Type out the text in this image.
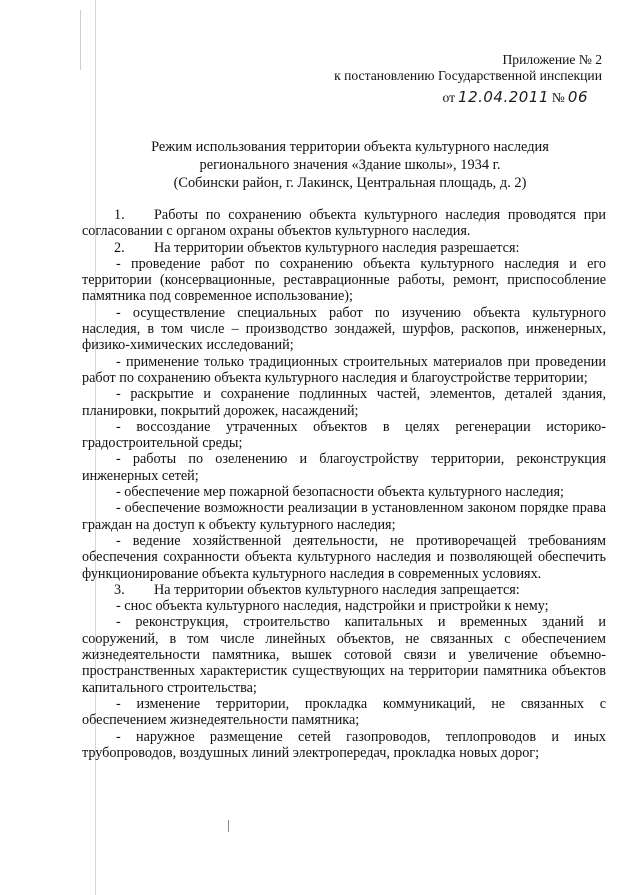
Приложение № 2
к постановлению Государственной инспекции
от 12.04.2011 № 06
Режим использования территории объекта культурного наследия
регионального значения «Здание школы», 1934 г.
(Собински район, г. Лакинск, Центральная площадь, д. 2)

1. Работы по сохранению объекта культурного наследия проводятся при согласовании с органом охраны объектов культурного наследия.

2. На территории объектов культурного наследия разрешается:

- проведение работ по сохранению объекта культурного наследия и его территории (консервационные, реставрационные работы, ремонт, приспособление памятника под современное использование);

- осуществление специальных работ по изучению объекта культурного наследия, в том числе – производство зондажей, шурфов, раскопов, инженерных, физико-химических исследований;

- применение только традиционных строительных материалов при проведении работ по сохранению объекта культурного наследия и благоустройстве территории;

- раскрытие и сохранение подлинных частей, элементов, деталей здания, планировки, покрытий дорожек, насаждений;

- воссоздание утраченных объектов в целях регенерации историко-градостроительной среды;

- работы по озеленению и благоустройству территории, реконструкция инженерных сетей;

- обеспечение мер пожарной безопасности объекта культурного наследия;

- обеспечение возможности реализации в установленном законом порядке права граждан на доступ к объекту культурного наследия;

- ведение хозяйственной деятельности, не противоречащей требованиям обеспечения сохранности объекта культурного наследия и позволяющей обеспечить функционирование объекта культурного наследия в современных условиях.

3. На территории объектов культурного наследия запрещается:

- снос объекта культурного наследия, надстройки и пристройки к нему;

- реконструкция, строительство капитальных и временных зданий и сооружений, в том числе линейных объектов, не связанных с обеспечением жизнедеятельности памятника, вышек сотовой связи и увеличение объемно-пространственных характеристик существующих на территории памятника объектов капитального строительства;

- изменение территории, прокладка коммуникаций, не связанных с обеспечением жизнедеятельности памятника;

- наружное размещение сетей газопроводов, теплопроводов и иных трубопроводов, воздушных линий электропередач, прокладка новых дорог;
